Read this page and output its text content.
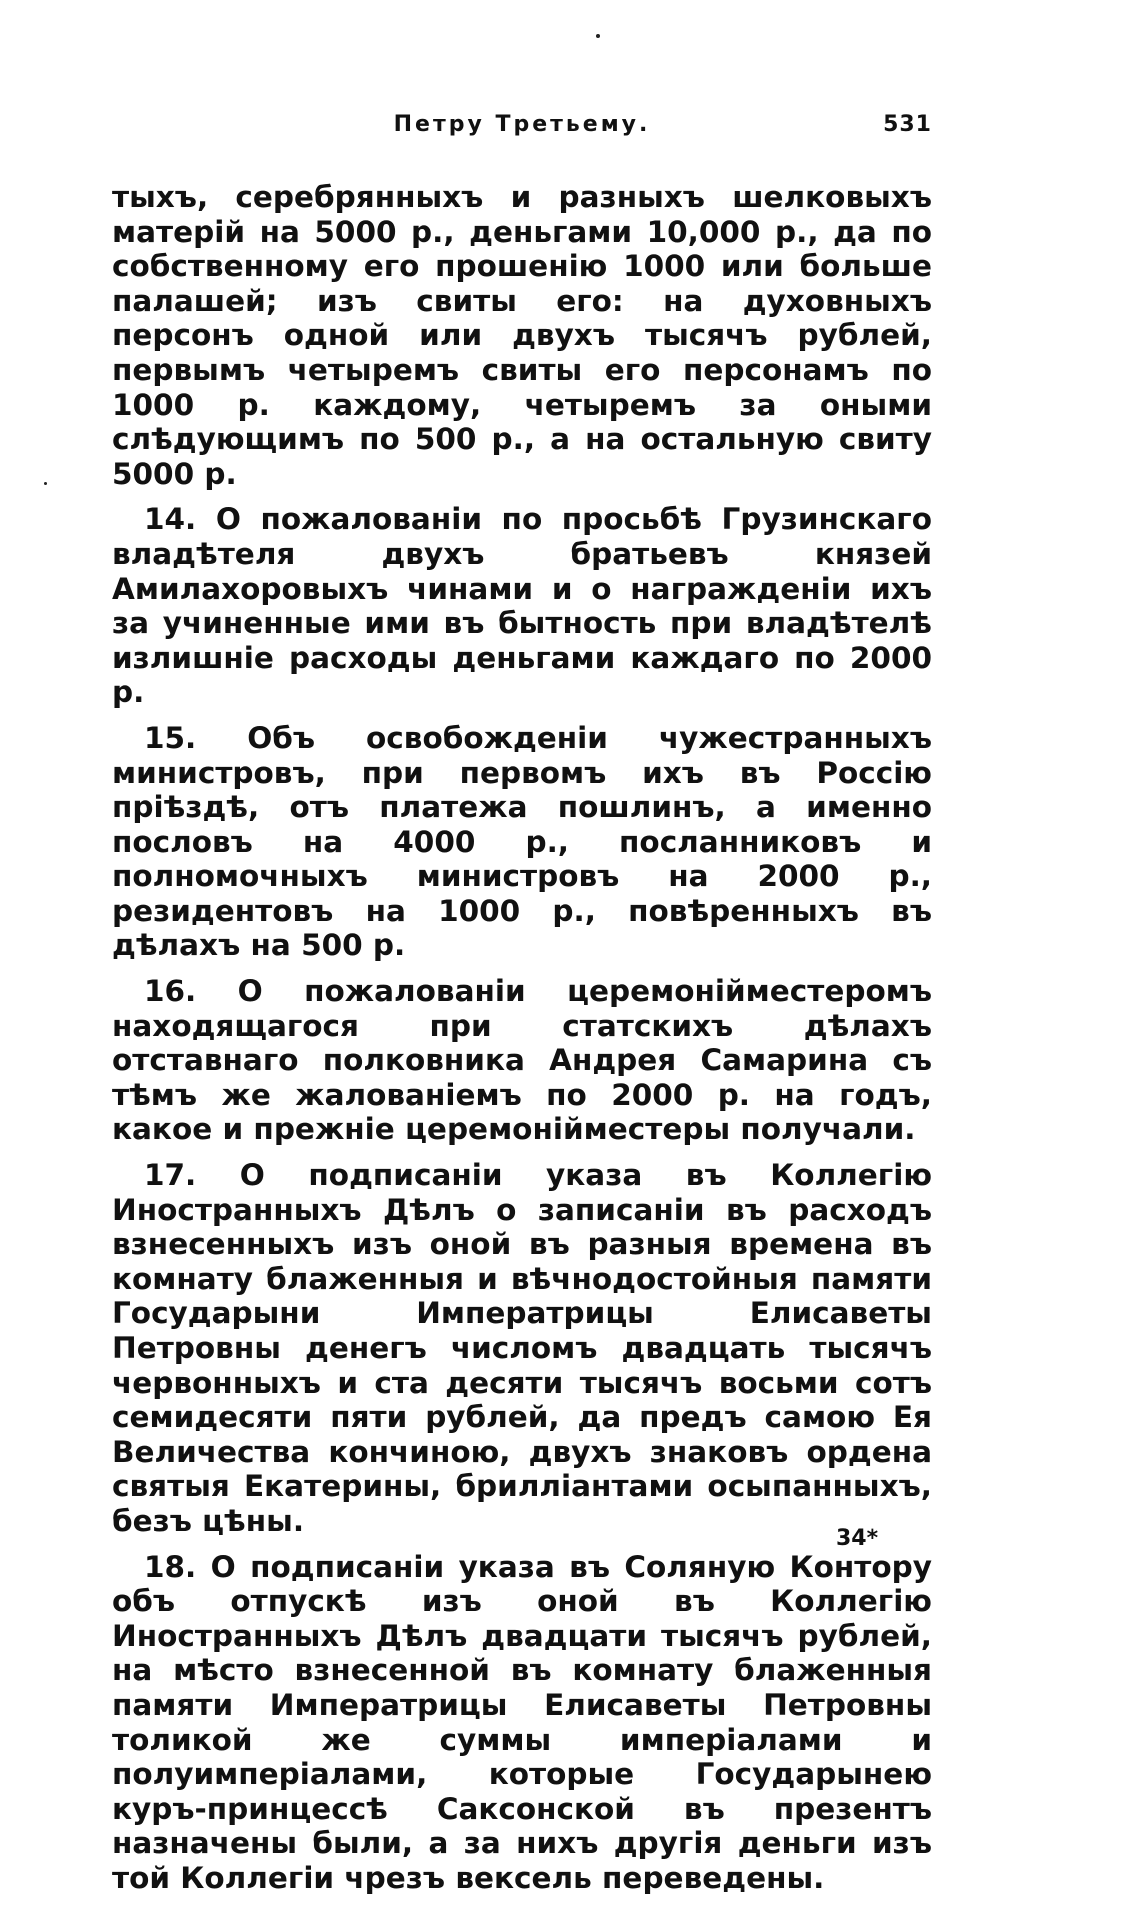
Петру Третьему.	531

тыхъ, серебрянныхъ и разныхъ шелковыхъ матерій на 5000 р., деньгами 10,000 р., да по собственному его прошенію 1000 или больше палашей; изъ свиты его: на духовныхъ персонъ одной или двухъ тысячъ рублей, первымъ четыремъ свиты его персонамъ по 1000 р. каждому, четыремъ за оными слѣдующимъ по 500 р., а на остальную свиту 5000 р.

14. О пожалованіи по просьбѣ Грузинскаго владѣтеля двухъ братьевъ князей Амилахоровыхъ чинами и о награжденіи ихъ за учиненные ими въ бытность при владѣтелѣ излишніе расходы деньгами каждаго по 2000 р.

15. Объ освобожденіи чужестранныхъ министровъ, при первомъ ихъ въ Россію пріѣздѣ, отъ платежа пошлинъ, а именно пословъ на 4000 р., посланниковъ и полномочныхъ министровъ на 2000 р., резидентовъ на 1000 р., повѣренныхъ въ дѣлахъ на 500 р.

16. О пожалованіи церемонійместеромъ находящагося при статскихъ дѣлахъ отставнаго полковника Андрея Самарина съ тѣмъ же жалованіемъ по 2000 р. на годъ, какое и прежніе церемонійместеры получали.

17. О подписаніи указа въ Коллегію Иностранныхъ Дѣлъ о записаніи въ расходъ взнесенныхъ изъ оной въ разныя времена въ комнату блаженныя и вѣчнодостойныя памяти Государыни Императрицы Елисаветы Петровны денегъ числомъ двадцать тысячъ червонныхъ и ста десяти тысячъ восьми сотъ семидесяти пяти рублей, да предъ самою Ея Величества кончиною, двухъ знаковъ ордена святыя Екатерины, бриллiантами осыпанныхъ, безъ цѣны.

18. О подписаніи указа въ Соляную Контору объ отпускѣ изъ оной въ Коллегію Иностранныхъ Дѣлъ двадцати тысячъ рублей, на мѣсто взнесенной въ комнату блаженныя памяти Императрицы Елисаветы Петровны толикой же суммы имперiалами и полуимперiалами, которые Государынею куръ-принцессѣ Саксонской въ презентъ назначены были, а за нихъ другія деньги изъ той Коллегіи чрезъ вексель переведены.

34*
